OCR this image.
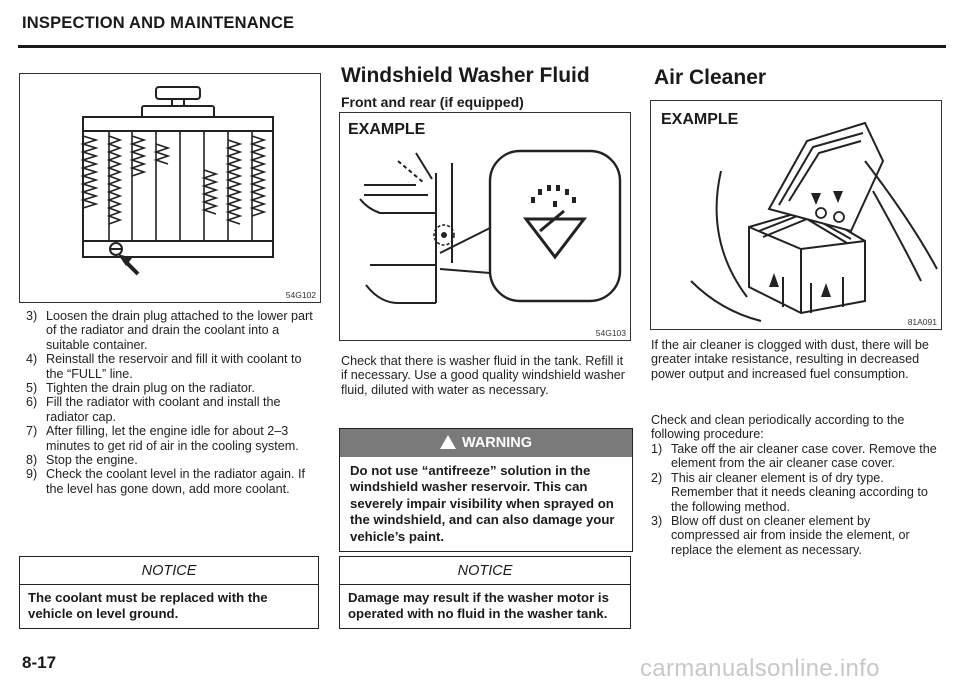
INSPECTION AND MAINTENANCE
54G102
3) Loosen the drain plug attached to the lower part of the radiator and drain the coolant into a suitable container.
4) Reinstall the reservoir and fill it with coolant to the “FULL” line.
5) Tighten the drain plug on the radiator.
6) Fill the radiator with coolant and install the radiator cap.
7) After filling, let the engine idle for about 2–3 minutes to get rid of air in the cooling system.
8) Stop the engine.
9) Check the coolant level in the radiator again. If the level has gone down, add more coolant.
NOTICE
The coolant must be replaced with the vehicle on level ground.
Windshield Washer Fluid
Front and rear (if equipped)
EXAMPLE
54G103
Check that there is washer fluid in the tank. Refill it if necessary. Use a good quality windshield washer fluid, diluted with water as necessary.
WARNING
Do not use “antifreeze” solution in the windshield washer reservoir. This can severely impair visibility when sprayed on the windshield, and can also damage your vehicle’s paint.
NOTICE
Damage may result if the washer motor is operated with no fluid in the washer tank.
Air Cleaner
EXAMPLE
81A091
If the air cleaner is clogged with dust, there will be greater intake resistance, resulting in decreased power output and increased fuel consumption.
Check and clean periodically according to the following procedure:
1) Take off the air cleaner case cover. Remove the element from the air cleaner case cover.
2) This air cleaner element is of dry type. Remember that it needs cleaning according to the following method.
3) Blow off dust on cleaner element by compressed air from inside the element, or replace the element as necessary.
8-17	carmanualsonline.info
